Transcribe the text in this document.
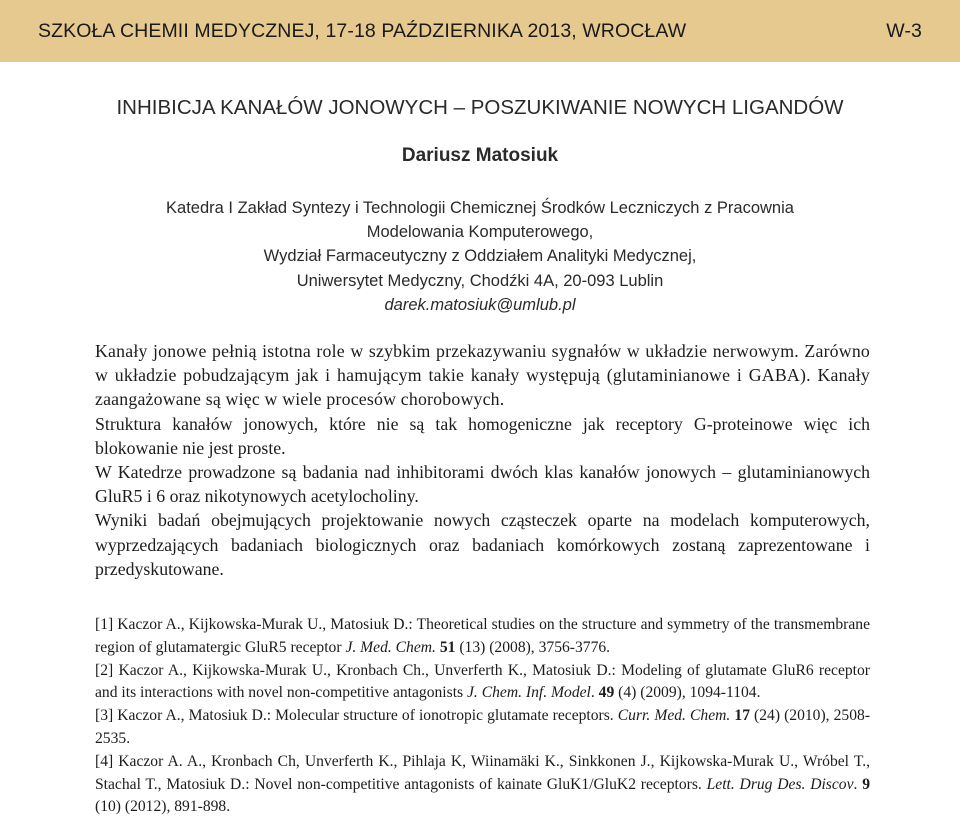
SZKOŁA CHEMII MEDYCZNEJ, 17-18 PAŹDZIERNIKA 2013, WROCŁAW	W-3
INHIBICJA KANAŁÓW JONOWYCH – POSZUKIWANIE NOWYCH LIGANDÓW
Dariusz Matosiuk
Katedra I Zakład Syntezy i Technologii Chemicznej Środków Leczniczych z Pracownia
Modelowania Komputerowego,
Wydział Farmaceutyczny z Oddziałem Analityki Medycznej,
Uniwersytet Medyczny, Chodźki 4A, 20-093 Lublin
darek.matosiuk@umlub.pl

Kanały jonowe pełnią istotna role w szybkim przekazywaniu sygnałów w układzie nerwowym. Zarówno w układzie pobudzającym jak i hamującym takie kanały występują (glutaminianowe i GABA). Kanały zaangażowane są więc w wiele procesów chorobowych.

Struktura kanałów jonowych, które nie są tak homogeniczne jak receptory G-proteinowe więc ich blokowanie nie jest proste.

W Katedrze prowadzone są badania nad inhibitorami dwóch klas kanałów jonowych – glutaminianowych GluR5 i 6 oraz nikotynowych acetylocholiny.

Wyniki badań obejmujących projektowanie nowych cząsteczek oparte na modelach komputerowych, wyprzedzających badaniach biologicznych oraz badaniach komórkowych zostaną zaprezentowane i przedyskutowane.

[1] Kaczor A., Kijkowska-Murak U., Matosiuk D.: Theoretical studies on the structure and symmetry of the transmembrane region of glutamatergic GluR5 receptor J. Med. Chem. 51 (13) (2008), 3756-3776.

[2] Kaczor A., Kijkowska-Murak U., Kronbach Ch., Unverferth K., Matosiuk D.: Modeling of glutamate GluR6 receptor and its interactions with novel non-competitive antagonists J. Chem. Inf. Model. 49 (4) (2009), 1094-1104.

[3] Kaczor A., Matosiuk D.: Molecular structure of ionotropic glutamate receptors. Curr. Med. Chem. 17 (24) (2010), 2508-2535.

[4] Kaczor A. A., Kronbach Ch, Unverferth K., Pihlaja K, Wiinamäki K., Sinkkonen J., Kijkowska-Murak U., Wróbel T., Stachal T., Matosiuk D.: Novel non-competitive antagonists of kainate GluK1/GluK2 receptors. Lett. Drug Des. Discov. 9 (10) (2012), 891-898.
